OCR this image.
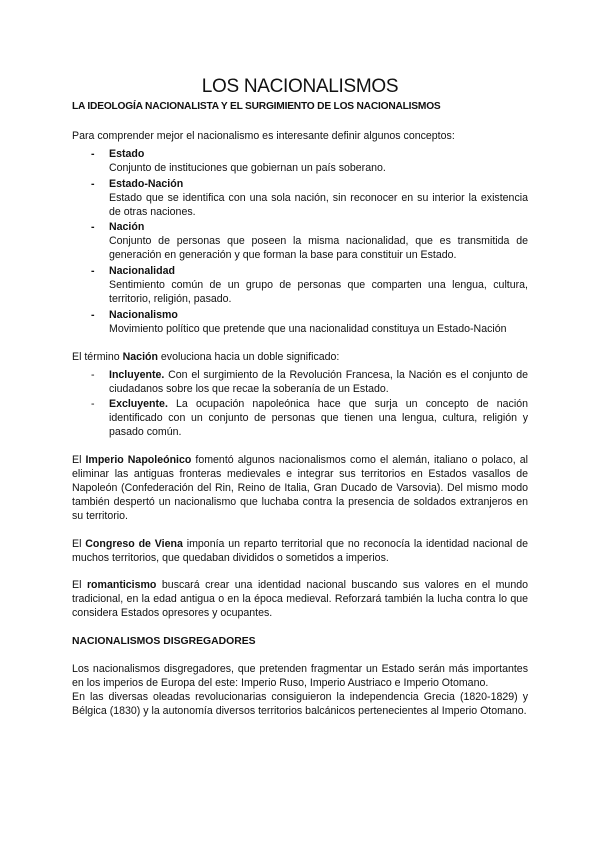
LOS NACIONALISMOS
LA IDEOLOGÍA NACIONALISTA Y EL SURGIMIENTO DE LOS NACIONALISMOS

Para comprender mejor el nacionalismo es interesante definir algunos conceptos:

- Estado
Conjunto de instituciones que gobiernan un país soberano.
- Estado-Nación
Estado que se identifica con una sola nación, sin reconocer en su interior la existencia de otras naciones.
- Nación
Conjunto de personas que poseen la misma nacionalidad, que es transmitida de generación en generación y que forman la base para constituir un Estado.
- Nacionalidad
Sentimiento común de un grupo de personas que comparten una lengua, cultura, territorio, religión, pasado.
- Nacionalismo
Movimiento político que pretende que una nacionalidad constituya un Estado-Nación

El término Nación evoluciona hacia un doble significado:

- Incluyente. Con el surgimiento de la Revolución Francesa, la Nación es el conjunto de ciudadanos sobre los que recae la soberanía de un Estado.
- Excluyente. La ocupación napoleónica hace que surja un concepto de nación identificado con un conjunto de personas que tienen una lengua, cultura, religión y pasado común.

El Imperio Napoleónico fomentó algunos nacionalismos como el alemán, italiano o polaco, al eliminar las antiguas fronteras medievales e integrar sus territorios en Estados vasallos de Napoleón (Confederación del Rin, Reino de Italia, Gran Ducado de Varsovia). Del mismo modo también despertó un nacionalismo que luchaba contra la presencia de soldados extranjeros en su territorio.

El Congreso de Viena imponía un reparto territorial que no reconocía la identidad nacional de muchos territorios, que quedaban divididos o sometidos a imperios.

El romanticismo buscará crear una identidad nacional buscando sus valores en el mundo tradicional, en la edad antigua o en la época medieval. Reforzará también la lucha contra lo que considera Estados opresores y ocupantes.

NACIONALISMOS DISGREGADORES

Los nacionalismos disgregadores, que pretenden fragmentar un Estado serán más importantes en los imperios de Europa del este: Imperio Ruso, Imperio Austriaco e Imperio Otomano.

En las diversas oleadas revolucionarias consiguieron la independencia Grecia (1820-1829) y Bélgica (1830) y la autonomía diversos territorios balcánicos pertenecientes al Imperio Otomano.
